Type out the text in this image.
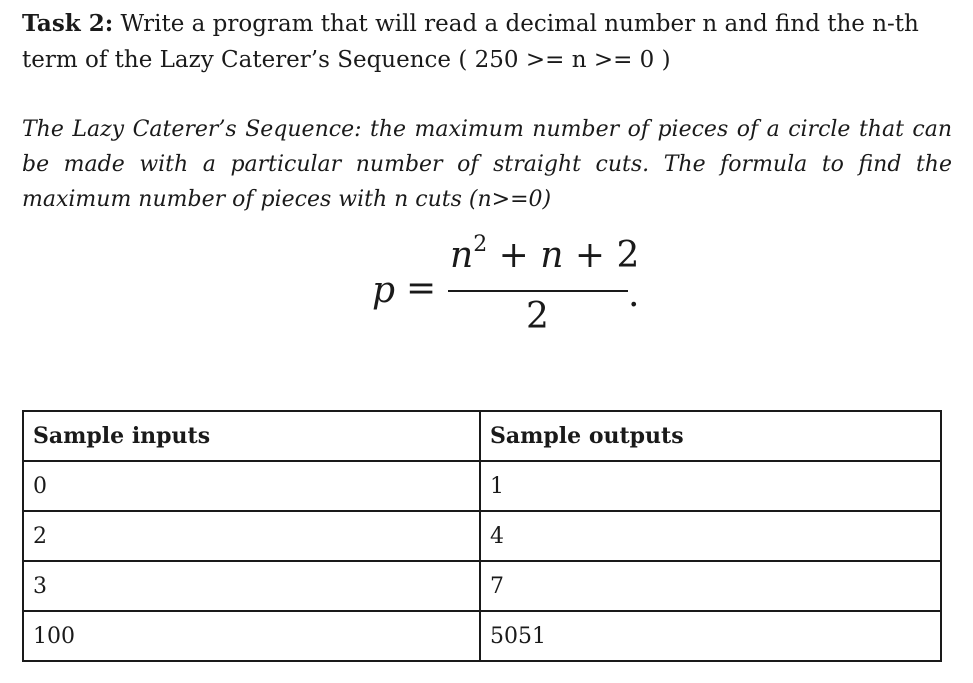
Task 2: Write a program that will read a decimal number n and find the n-th term of the Lazy Caterer’s Sequence ( 250 >= n >= 0 )

The Lazy Caterer’s Sequence: the maximum number of pieces of a circle that can be made with a particular number of straight cuts. The formula to find the maximum number of pieces with n cuts (n>=0)

p =
$n^2 + n + 2$
2
.
Sample inputs	Sample outputs
0	1
2	4
3	7
100	5051
